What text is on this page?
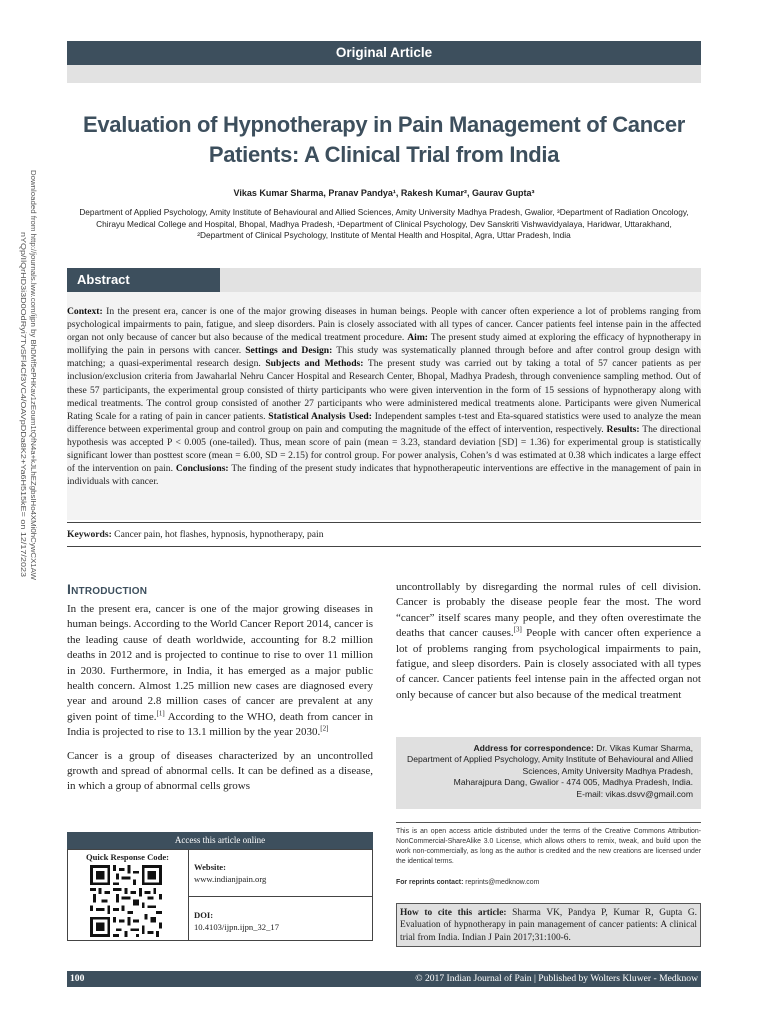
Original Article
Evaluation of Hypnotherapy in Pain Management of Cancer Patients: A Clinical Trial from India
Vikas Kumar Sharma, Pranav Pandya¹, Rakesh Kumar², Gaurav Gupta³
Department of Applied Psychology, Amity Institute of Behavioural and Allied Sciences, Amity University Madhya Pradesh, Gwalior, ³Department of Radiation Oncology,
Chirayu Medical College and Hospital, Bhopal, Madhya Pradesh, ¹Department of Clinical Psychology, Dev Sanskriti Vishwavidyalaya, Haridwar, Uttarakhand,
²Department of Clinical Psychology, Institute of Mental Health and Hospital, Agra, Uttar Pradesh, India
Downloaded from http://journals.lww.com/ijpn by BhDMf5ePHKav1zEoum1tQfN4a+kJLhEZgbsIHo4XMi0hCywCX1AW
nYQp/IlQrHD3i3D0OdRyi7TvSFl4Cf3VC4/OAVpDDa8K2+Ya6H515kE= on 12/17/2023	Abstract
Context: In the present era, cancer is one of the major growing diseases in human beings. People with cancer often experience a lot of problems ranging from psychological impairments to pain, fatigue, and sleep disorders. Pain is closely associated with all types of cancer. Cancer patients feel intense pain in the affected organ not only because of cancer but also because of the medical treatment procedure. Aim: The present study aimed at exploring the efficacy of hypnotherapy in mollifying the pain in persons with cancer. Settings and Design: This study was systematically planned through before and after control group design with matching; a quasi-experimental research design. Subjects and Methods: The present study was carried out by taking a total of 57 cancer patients as per inclusion/exclusion criteria from Jawaharlal Nehru Cancer Hospital and Research Center, Bhopal, Madhya Pradesh, through convenience sampling method. Out of these 57 participants, the experimental group consisted of thirty participants who were given intervention in the form of 15 sessions of hypnotherapy along with medical treatments. The control group consisted of another 27 participants who were administered medical treatments alone. Participants were given Numerical Rating Scale for a rating of pain in cancer patients. Statistical Analysis Used: Independent samples t-test and Eta-squared statistics were used to analyze the mean difference between experimental group and control group on pain and computing the magnitude of the effect of intervention, respectively. Results: The directional hypothesis was accepted P < 0.005 (one-tailed). Thus, mean score of pain (mean = 3.23, standard deviation [SD] = 1.36) for experimental group is statistically significant lower than posttest score (mean = 6.00, SD = 2.15) for control group. For power analysis, Cohen’s d was estimated at 0.38 which indicates a large effect of the intervention on pain. Conclusions: The finding of the present study indicates that hypnotherapeutic interventions are effective in the management of pain in individuals with cancer.
Keywords: Cancer pain, hot flashes, hypnosis, hypnotherapy, pain
Introduction

In the present era, cancer is one of the major growing diseases in human beings. According to the World Cancer Report 2014, cancer is the leading cause of death worldwide, accounting for 8.2 million deaths in 2012 and is projected to continue to rise to over 11 million in 2030. Furthermore, in India, it has emerged as a major public health concern. Almost 1.25 million new cases are diagnosed every year and around 2.8 million cases of cancer are prevalent at any given point of time.[1] According to the WHO, death from cancer in India is projected to rise to 13.1 million by the year 2030.[2]

Cancer is a group of diseases characterized by an uncontrolled growth and spread of abnormal cells. It can be defined as a disease, in which a group of abnormal cells grows

uncontrollably by disregarding the normal rules of cell division. Cancer is probably the disease people fear the most. The word “cancer” itself scares many people, and they often overestimate the deaths that cancer causes.[3] People with cancer often experience a lot of problems ranging from psychological impairments to pain, fatigue, and sleep disorders. Pain is closely associated with all types of cancer. Cancer patients feel intense pain in the affected organ not only because of cancer but also because of the medical treatment

Address for correspondence: Dr. Vikas Kumar Sharma,
Department of Applied Psychology, Amity Institute of Behavioural and Allied
Sciences, Amity University Madhya Pradesh,
Maharajpura Dang, Gwalior - 474 005, Madhya Pradesh, India.
E-mail: vikas.dsvv@gmail.com
This is an open access article distributed under the terms of the Creative Commons Attribution-NonCommercial-ShareAlike 3.0 License, which allows others to remix, tweak, and build upon the work non-commercially, as long as the author is credited and the new creations are licensed under the identical terms.
For reprints contact: reprints@medknow.com
How to cite this article: Sharma VK, Pandya P, Kumar R, Gupta G. Evaluation of hypnotherapy in pain management of cancer patients: A clinical trial from India. Indian J Pain 2017;31:100-6.
Access this article online
Quick Response Code:
Website:
www.indianjpain.org
DOI:
10.4103/ijpn.ijpn_32_17
100	© 2017 Indian Journal of Pain | Published by Wolters Kluwer - Medknow
